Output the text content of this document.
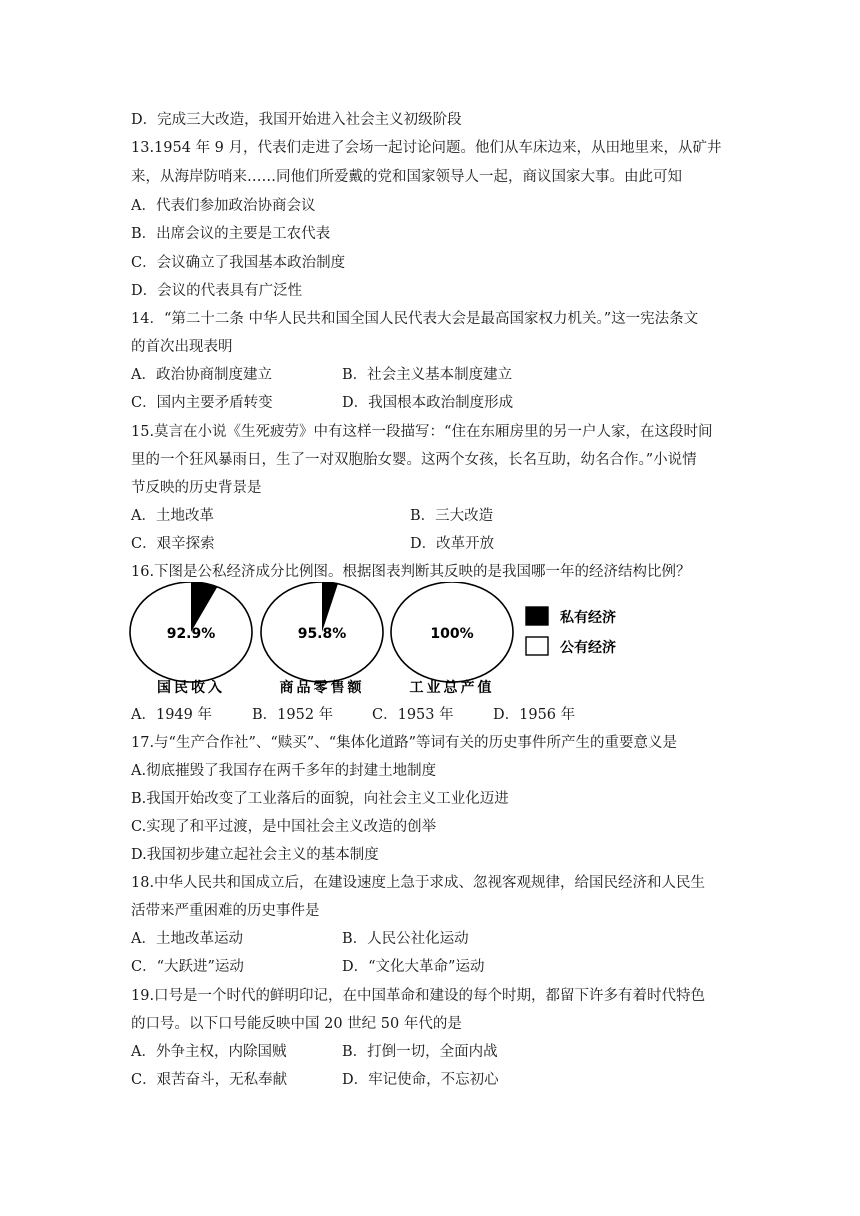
D．完成三大改造，我国开始进入社会主义初级阶段
13.1954 年 9 月，代表们走进了会场一起讨论问题。他们从车床边来，从田地里来，从矿井
来，从海岸防哨来……同他们所爱戴的党和国家领导人一起，商议国家大事。由此可知
A．代表们参加政治协商会议
B．出席会议的主要是工农代表
C．会议确立了我国基本政治制度
D．会议的代表具有广泛性
14．“第二十二条 中华人民共和国全国人民代表大会是最高国家权力机关。”这一宪法条文
的首次出现表明
A．政治协商制度建立	B．社会主义基本制度建立
C．国内主要矛盾转变	D．我国根本政治制度形成
15.莫言在小说《生死疲劳》中有这样一段描写：“住在东厢房里的另一户人家，在这段时间
里的一个狂风暴雨日，生了一对双胞胎女婴。这两个女孩，长名互助，幼名合作。”小说情
节反映的历史背景是
A．土地改革	B．三大改造
C．艰辛探索	D．改革开放
16.下图是公私经济成分比例图。根据图表判断其反映的是我国哪一年的经济结构比例？
92.9%
国民收入
95.8%
商品零售额
100%
工业总产值
私有经济
公有经济
A．1949 年	B．1952 年	C．1953 年	D．1956 年
17.与“生产合作社”、“赎买”、“集体化道路”等词有关的历史事件所产生的重要意义是
A.彻底摧毁了我国存在两千多年的封建土地制度
B.我国开始改变了工业落后的面貌，向社会主义工业化迈进
C.实现了和平过渡，是中国社会主义改造的创举
D.我国初步建立起社会主义的基本制度
18.中华人民共和国成立后，在建设速度上急于求成、忽视客观规律，给国民经济和人民生
活带来严重困难的历史事件是
A．土地改革运动	B．人民公社化运动
C．“大跃进”运动	D．“文化大革命”运动
19.口号是一个时代的鲜明印记，在中国革命和建设的每个时期，都留下许多有着时代特色
的口号。以下口号能反映中国 20 世纪 50 年代的是
A．外争主权，内除国贼	B．打倒一切，全面内战
C．艰苦奋斗，无私奉献	D．牢记使命，不忘初心
